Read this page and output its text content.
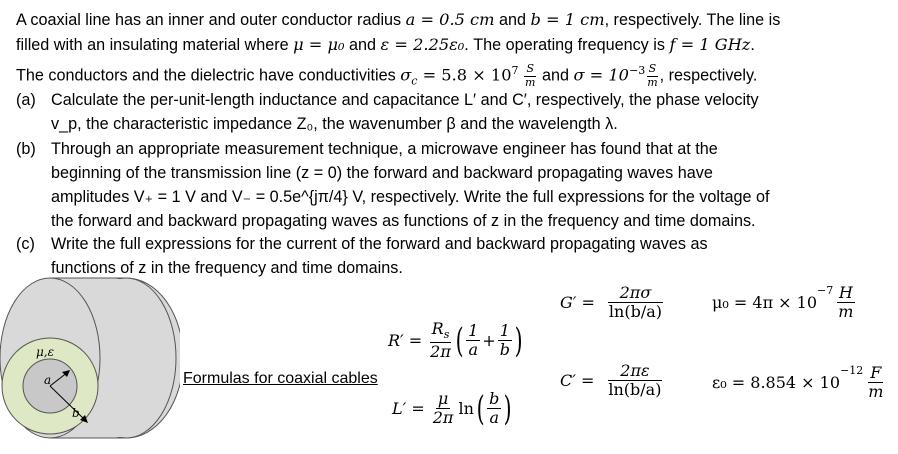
A coaxial line has an inner and outer conductor radius a = 0.5 cm and b = 1 cm, respectively. The line is
filled with an insulating material where μ = μ₀ and ε = 2.25ε₀. The operating frequency is f = 1 GHz.
The conductors and the dielectric have conductivities $\sigma_c = 5.8 \times 10^7 \frac{S}{m}$ and $\sigma = 10^{-3} \frac{S}{m}$ , respectively.
(a) Calculate the per-unit-length inductance and capacitance L′ and C′, respectively, the phase velocity
v_p, the characteristic impedance Z₀, the wavenumber β and the wavelength λ.
(b) Through an appropriate measurement technique, a microwave engineer has found that at the
beginning of the transmission line (z = 0) the forward and backward propagating waves have
amplitudes V₊ = 1 V and V₋ = 0.5e^{jπ/4} V, respectively. Write the full expressions for the voltage of
the forward and backward propagating waves as functions of z in the frequency and time domains.
(c) Write the full expressions for the current of the forward and backward propagating waves as
functions of z in the frequency and time domains.
μ,ε
a
b
Formulas for coaxial cables
$R' = \frac{R_s}{2\pi}$ ( $\frac{1}{a} + \frac{1}{b}$ )
$L' = \frac{\mu}{2\pi}$ ln ( $\frac{b}{a}$ )
$G' = \frac{2\pi\sigma}{\ln(b/a)}$
$C' = \frac{2\pi\varepsilon}{\ln(b/a)}$
μ₀ = 4π × 10
$^{-7} \frac{H}{m}$
ε₀ = 8.854 × 10
$^{-12} \frac{F}{m}$
